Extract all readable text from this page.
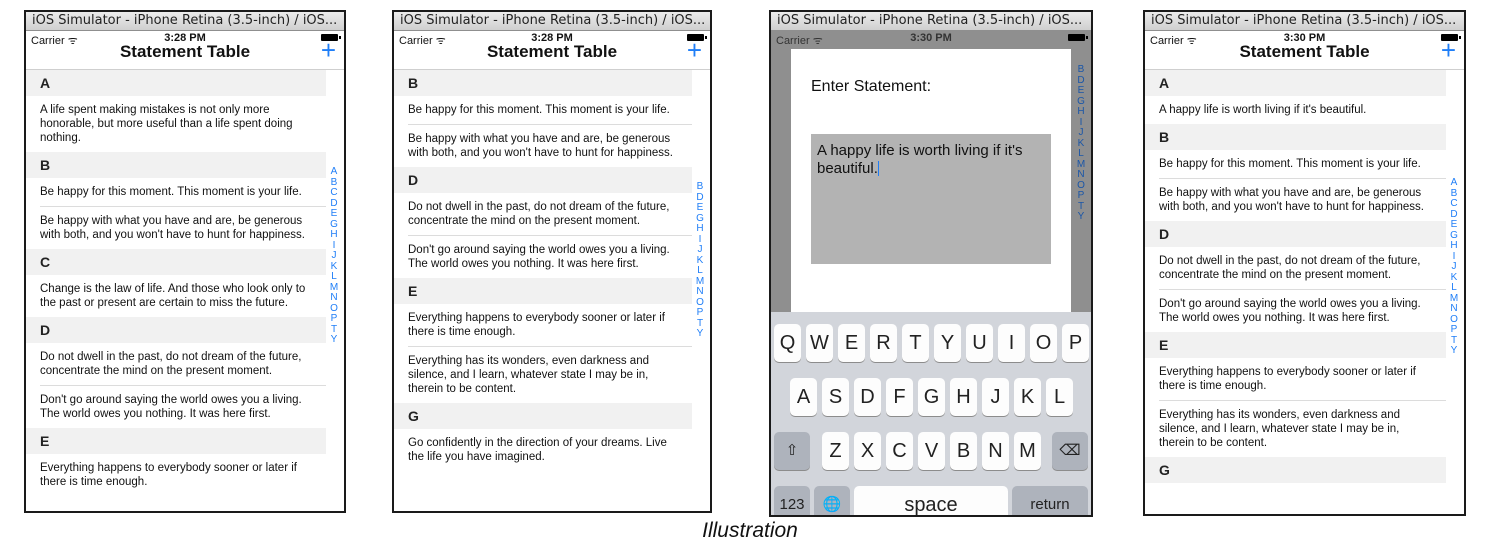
iOS Simulator - iPhone Retina (3.5-inch) / iOS...
Carrier ᯤ	3:28 PM
Statement Table	+
A
A life spent making mistakes is not only more honorable, but more useful than a life spent doing nothing.
B
Be happy for this moment. This moment is your life.
Be happy with what you have and are, be generous with both, and you won't have to hunt for happiness.
C
Change is the law of life. And those who look only to the past or present are certain to miss the future.
D
Do not dwell in the past, do not dream of the future, concentrate the mind on the present moment.
Don't go around saying the world owes you a living. The world owes you nothing. It was here first.
E
Everything happens to everybody sooner or later if there is time enough.
A
B
C
D
E
G
H
I
J
K
L
M
N
O
P
T
Y
iOS Simulator - iPhone Retina (3.5-inch) / iOS...
Carrier ᯤ	3:28 PM
Statement Table	+
B
Be happy for this moment. This moment is your life.
Be happy with what you have and are, be generous with both, and you won't have to hunt for happiness.
D
Do not dwell in the past, do not dream of the future, concentrate the mind on the present moment.
Don't go around saying the world owes you a living. The world owes you nothing. It was here first.
E
Everything happens to everybody sooner or later if there is time enough.
Everything has its wonders, even darkness and silence, and I learn, whatever state I may be in, therein to be content.
G
Go confidently in the direction of your dreams. Live the life you have imagined.
B
D
E
G
H
I
J
K
L
M
N
O
P
T
Y
iOS Simulator - iPhone Retina (3.5-inch) / iOS...
Carrier ᯤ	3:30 PM
B
D
E
G
H
I
J
K
L
M
N
O
P
T
Y
Enter Statement:
A happy life is worth living if it's beautiful.
Q W E R T Y U	I	O P
A S D F G H J	K L
⇧	Z X C V B N M	⌫
123	🌐	space	return
iOS Simulator - iPhone Retina (3.5-inch) / iOS...
Carrier ᯤ	3:30 PM
Statement Table	+
A
A happy life is worth living if it's beautiful.
B
Be happy for this moment. This moment is your life.
Be happy with what you have and are, be generous with both, and you won't have to hunt for happiness.
D
Do not dwell in the past, do not dream of the future, concentrate the mind on the present moment.
Don't go around saying the world owes you a living. The world owes you nothing. It was here first.
E
Everything happens to everybody sooner or later if there is time enough.
Everything has its wonders, even darkness and silence, and I learn, whatever state I may be in, therein to be content.
G
A
B
C
D
E
G
H
I
J
K
L
M
N
O
P
T
Y
Illustration
